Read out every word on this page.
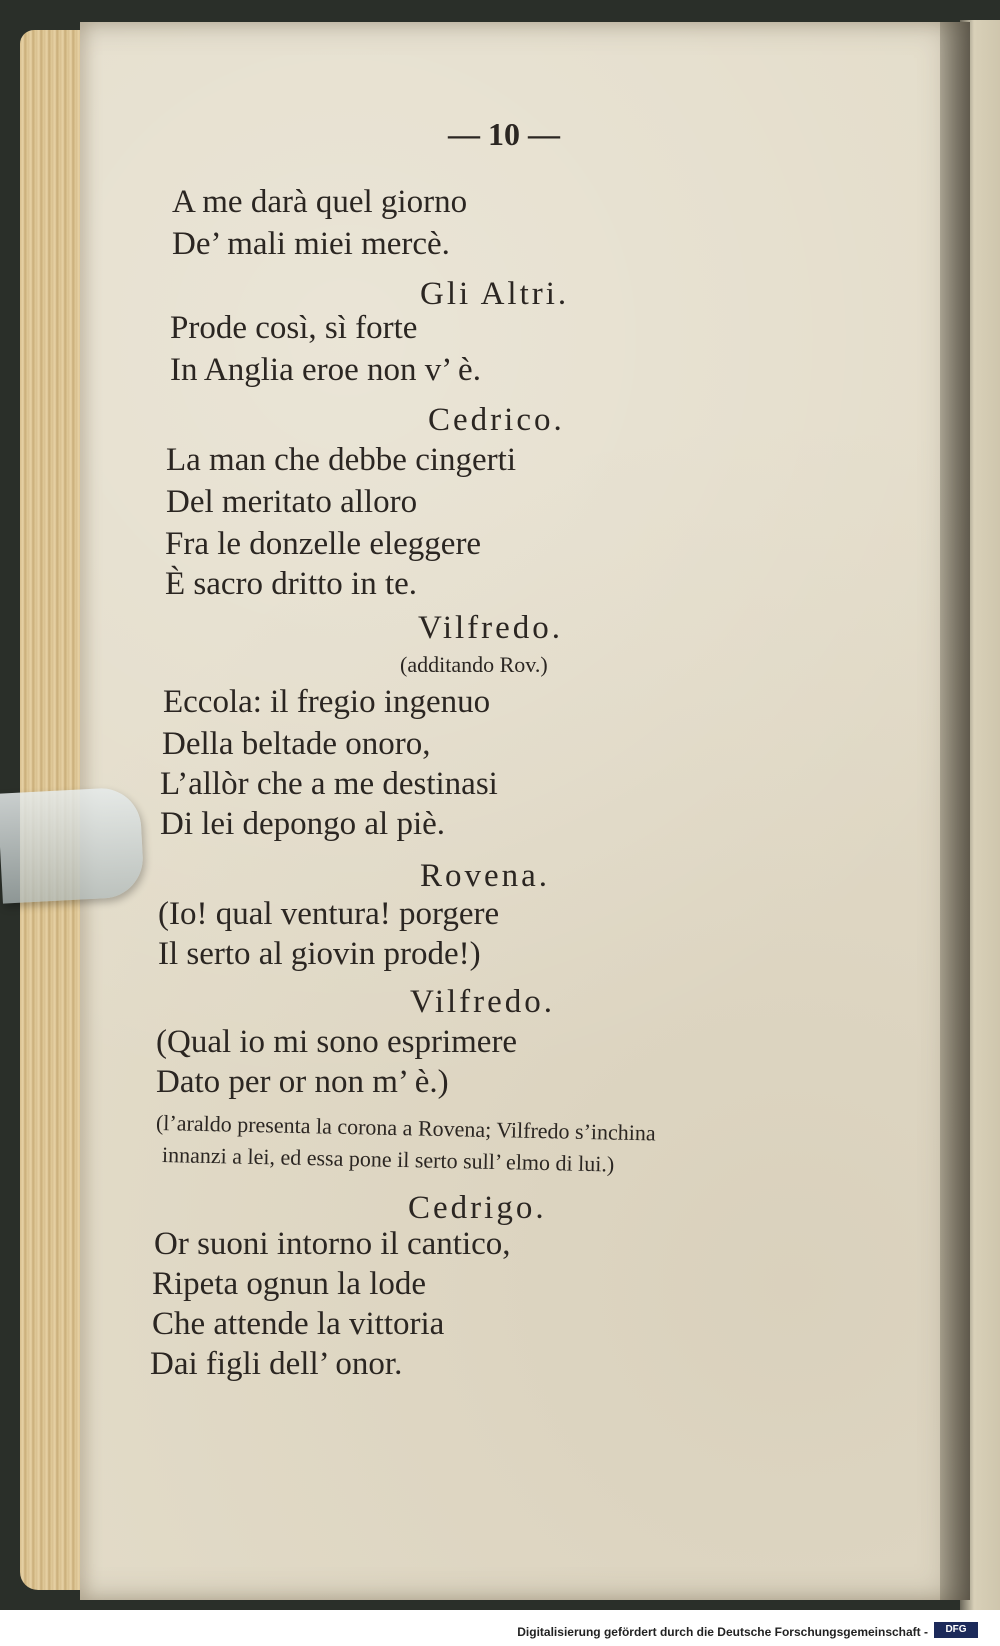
— 10 —
A me darà quel giorno
De’ mali miei mercè.
Gli Altri.
Prode così, sì forte
In Anglia eroe non v’ è.
Cedrico.
La man che debbe cingerti
Del meritato alloro
Fra le donzelle eleggere
È sacro dritto in te.
Vilfredo.
(additando Rov.)
Eccola: il fregio ingenuo
Della beltade onoro,
L’allòr che a me destinasi
Di lei depongo al piè.
Rovena.
(Io! qual ventura! porgere
Il serto al giovin prode!)
Vilfredo.
(Qual io mi sono esprimere
Dato per or non m’ è.)
(l’araldo presenta la corona a Rovena; Vilfredo s’inchina
innanzi a lei, ed essa pone il serto sull’ elmo di lui.)
Cedrigo.
Or suoni intorno il cantico,
Ripeta ognun la lode
Che attende la vittoria
Dai figli dell’ onor.
Digitalisierung gefördert durch die Deutsche Forschungsgemeinschaft -	DFG
